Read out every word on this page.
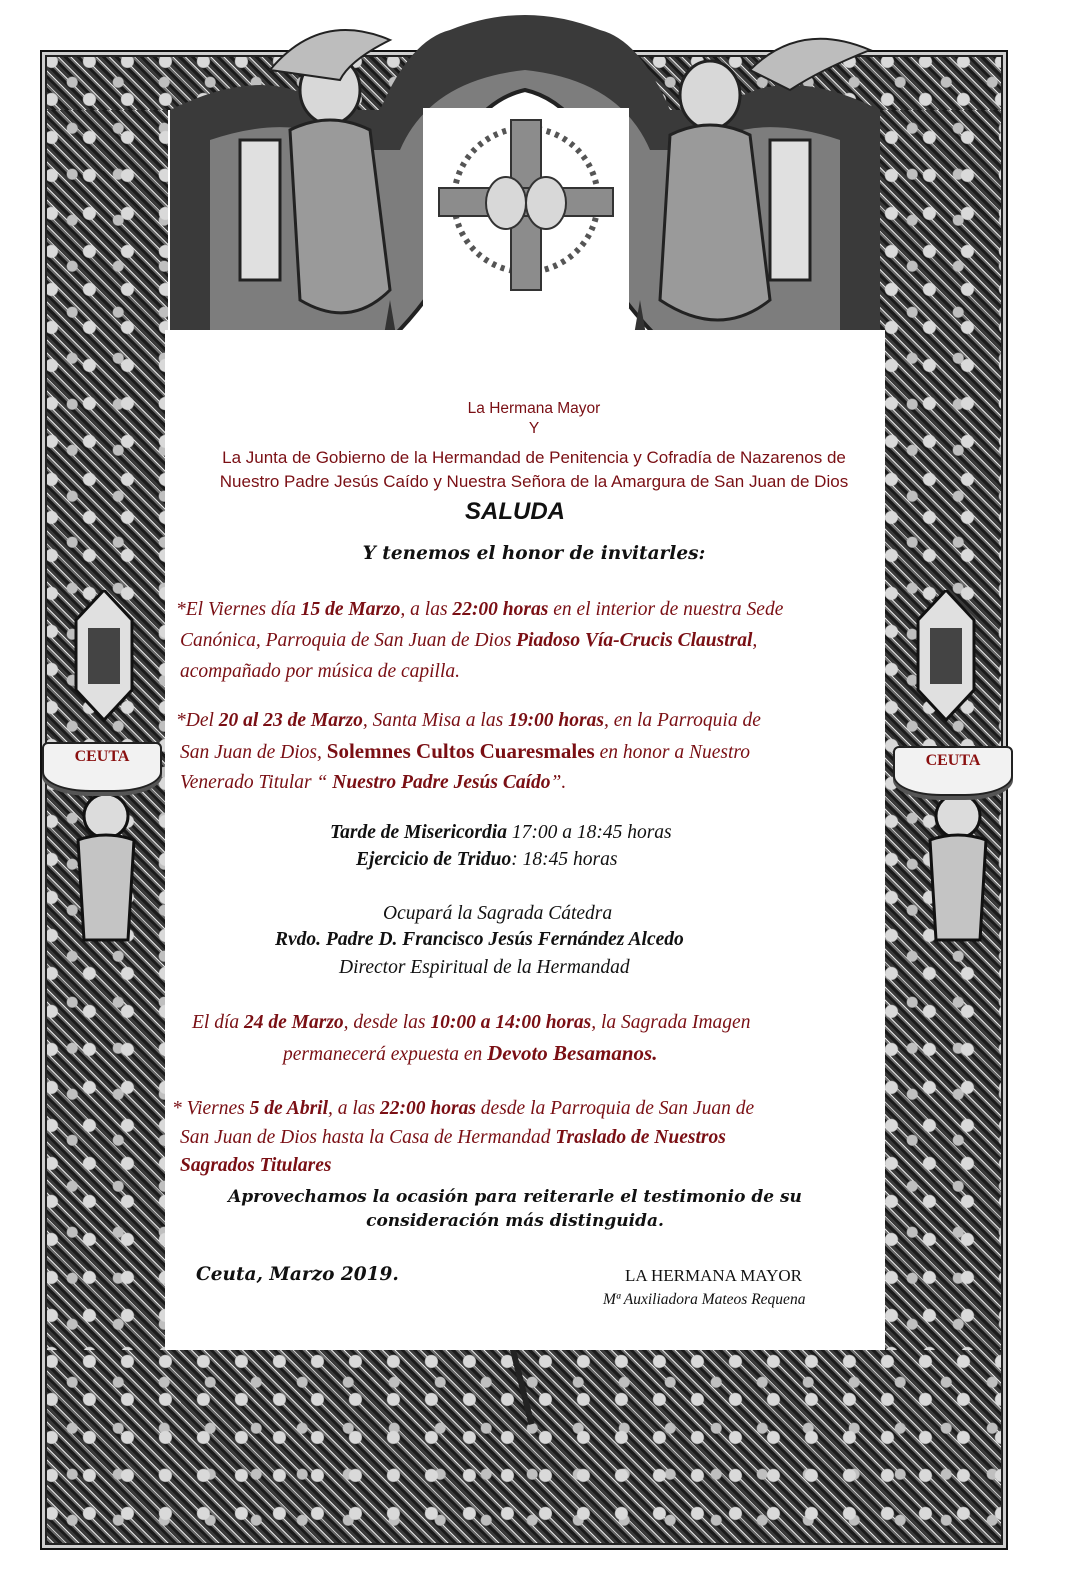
CEUTA	CEUTA
La Hermana Mayor
Y
La Junta de Gobierno de la Hermandad de Penitencia y Cofradía de Nazarenos de
Nuestro Padre Jesús Caído y Nuestra Señora de la Amargura de San Juan de Dios
SALUDA
Y tenemos el honor de invitarles:
*El Viernes día 15 de Marzo, a las 22:00 horas en el interior de nuestra Sede
Canónica, Parroquia de San Juan de Dios Piadoso Vía-Crucis Claustral,
acompañado por música de capilla.
*Del 20 al 23 de Marzo, Santa Misa a las 19:00 horas, en la Parroquia de
San Juan de Dios, Solemnes Cultos Cuaresmales en honor a Nuestro
Venerado Titular “ Nuestro Padre Jesús Caído”.
Tarde de Misericordia 17:00 a 18:45 horas
Ejercicio de Triduo: 18:45 horas
Ocupará la Sagrada Cátedra
Rvdo. Padre D. Francisco Jesús Fernández Alcedo
Director Espiritual de la Hermandad
El día 24 de Marzo, desde las 10:00 a 14:00 horas, la Sagrada Imagen
permanecerá expuesta en Devoto Besamanos.
* Viernes 5 de Abril, a las 22:00 horas desde la Parroquia de San Juan de
San Juan de Dios hasta la Casa de Hermandad Traslado de Nuestros
Sagrados Titulares
Aprovechamos la ocasión para reiterarle el testimonio de su
consideración más distinguida.
Ceuta, Marzo 2019.	LA HERMANA MAYOR
Mª Auxiliadora Mateos Requena
